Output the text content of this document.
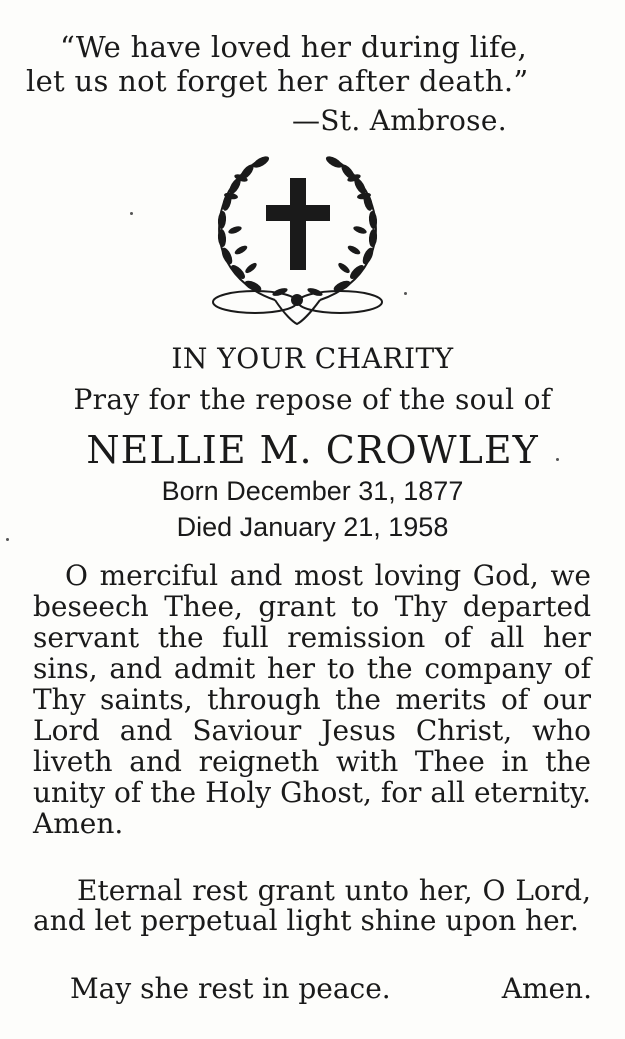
“We have loved her during life,
let us not forget her after death.”
—St. Ambrose.
IN YOUR CHARITY
Pray for the repose of the soul of
NELLIE M. CROWLEY
Born December 31, 1877
Died January 21, 1958

O merciful and most loving God, we beseech Thee, grant to Thy departed servant the full remission of all her sins, and admit her to the company of Thy saints, through the merits of our Lord and Saviour Jesus Christ, who liveth and reigneth with Thee in the unity of the Holy Ghost, for all eternity. Amen.

Eternal rest grant unto her, O Lord, and let perpetual light shine upon her.

May she rest in peace.	Amen.
